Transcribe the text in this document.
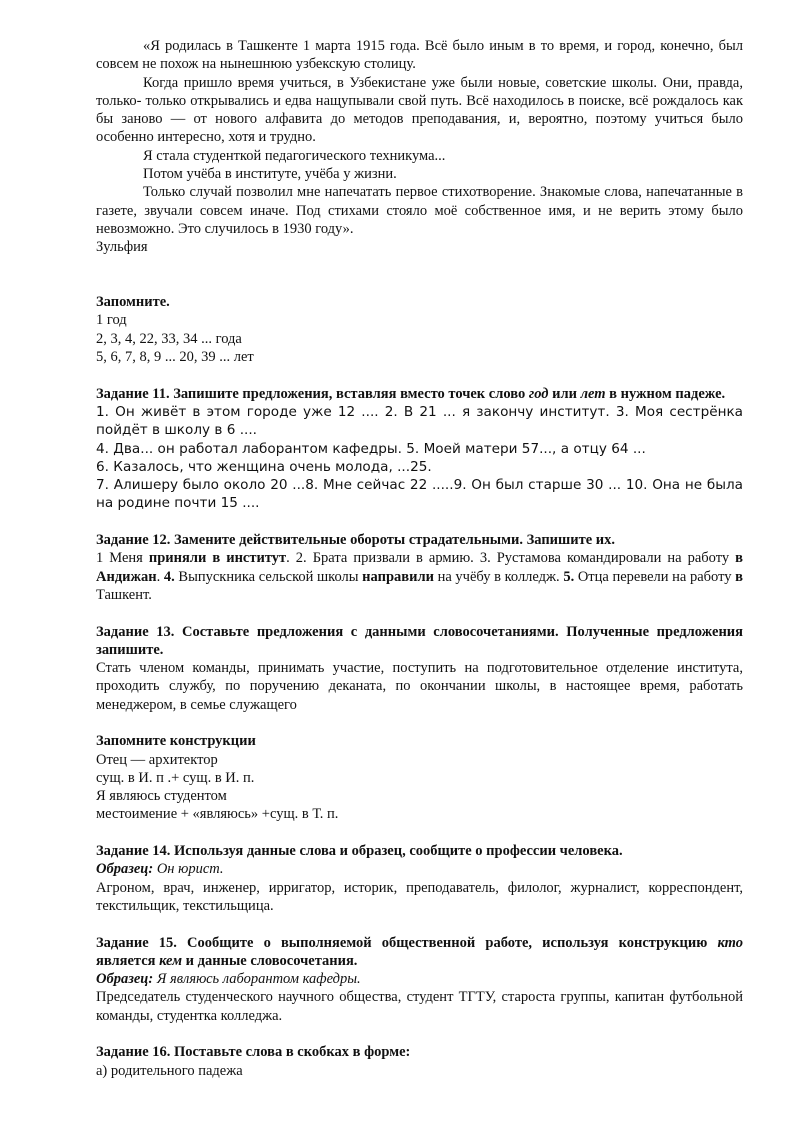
«Я родилась в Ташкенте 1 марта 1915 года. Всё было иным в то время, и город, конечно, был совсем не похож на нынешнюю узбекскую столицу.

Когда пришло время учиться, в Узбекистане уже были новые, советские школы. Они, правда, только- только открывались и едва нащупывали свой путь. Всё находилось в поиске, всё рождалось как бы заново — от нового алфавита до методов преподавания, и, вероятно, поэтому учиться было особенно интересно, хотя и трудно.

Я стала студенткой педагогического техникума...

Потом учёба в институте, учёба у жизни.

Только случай позволил мне напечатать первое стихотворение. Знакомые слова, напечатанные в газете, звучали совсем иначе. Под стихами стояло моё собственное имя, и не верить этому было невозможно. Это случилось в 1930 году».

Зульфия

Запомните.

1 год

2, 3, 4, 22, 33, 34 ... года

5, 6, 7, 8, 9 ... 20, 39 ... лет

Задание 11. Запишите предложения, вставляя вместо точек слово год или лет в нужном падеже.

1. Он живёт в этом городе уже 12 .... 2. В 21 ... я закончу институт. 3. Моя сестрёнка пойдёт в школу в 6 ....

4. Два... он работал лаборантом кафедры. 5. Моей матери 57..., а отцу 64 ...

6. Казалось, что женщина очень молода, ...25.

7. Алишеру было около 20 ...8. Мне сейчас 22 .....9. Он был старше 30 ... 10. Она не была на родине почти 15 ....

Задание 12. Замените действительные обороты страдательными. Запишите их.

1 Меня приняли в институт. 2. Брата призвали в армию. 3. Рустамова командировали на работу в Андижан. 4. Выпускника сельской школы направили на учёбу в колледж. 5. Отца перевели на работу в Ташкент.

Задание 13. Составьте предложения с данными словосочетаниями. Полученные предложения запишите.

Стать членом команды, принимать участие, поступить на подготовительное отделение института, проходить службу, по поручению деканата, по окончании школы, в настоящее время, работать менеджером, в семье служащего

Запомните конструкции

Отец — архитектор

сущ. в И. п .+ сущ. в И. п.

Я являюсь студентом

местоимение + «являюсь» +сущ. в Т. п.

Задание 14. Используя данные слова и образец, сообщите о профессии человека.

Образец: Он юрист.

Агроном, врач, инженер, ирригатор, историк, преподаватель, филолог, журналист, корреспондент, текстильщик, текстильщица.

Задание 15. Сообщите о выполняемой общественной работе, используя конструкцию кто является кем и данные словосочетания.

Образец: Я являюсь лаборантом кафедры.

Председатель студенческого научного общества, студент ТГТУ, староста группы, капитан футбольной команды, студентка колледжа.

Задание 16. Поставьте слова в скобках в форме:

а) родительного падежа
